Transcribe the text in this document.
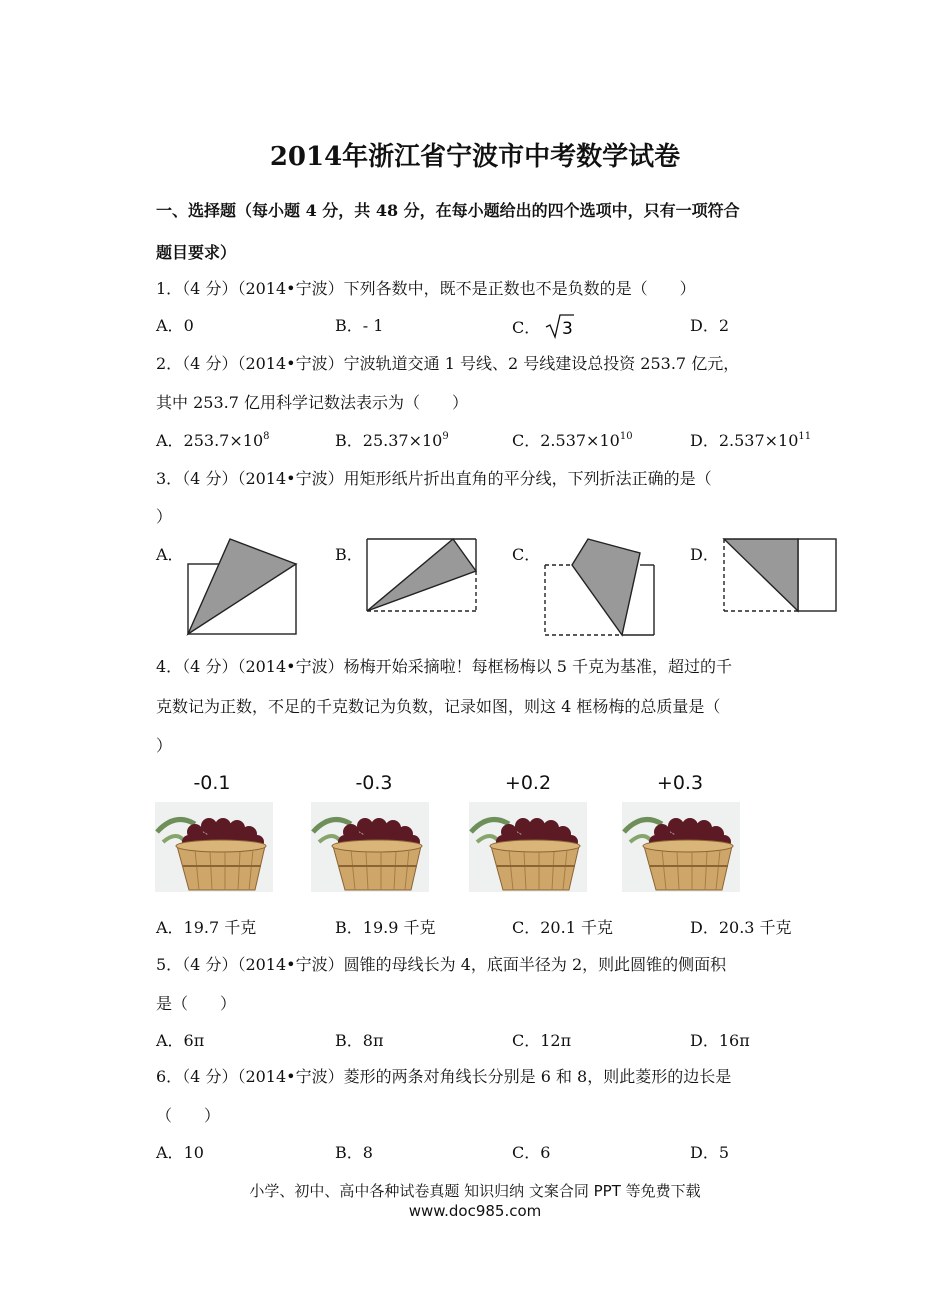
2014年浙江省宁波市中考数学试卷
一、选择题（每小题 4 分，共 48 分，在每小题给出的四个选项中，只有一项符合
题目要求）
1．（4 分）（2014•宁波）下列各数中，既不是正数也不是负数的是（　　）
A．0	B．- 1	C． 3	D．2
2．（4 分）（2014•宁波）宁波轨道交通 1 号线、2 号线建设总投资 253.7 亿元，
其中 253.7 亿用科学记数法表示为（　　）
A．$253.7\times 10^8$	B．$25.37\times 10^9$	C．$2.537\times 10^{10}$	D．$2.537\times 10^{11}$
3．（4 分）（2014•宁波）用矩形纸片折出直角的平分线，下列折法正确的是（
）
A．	B．	C．	D．
4．（4 分）（2014•宁波）杨梅开始采摘啦！每框杨梅以 5 千克为基准，超过的千
克数记为正数，不足的千克数记为负数，记录如图，则这 4 框杨梅的总质量是（
）
-0.1	-0.3	+0.2	+0.3
A．19.7 千克	B．19.9 千克	C．20.1 千克	D．20.3 千克
5．（4 分）（2014•宁波）圆锥的母线长为 4，底面半径为 2，则此圆锥的侧面积
是（　　）
A．6π	B．8π	C．12π	D．16π
6．（4 分）（2014•宁波）菱形的两条对角线长分别是 6 和 8，则此菱形的边长是
（　　）
A．10	B．8	C．6	D．5
小学、初中、高中各种试卷真题 知识归纳 文案合同 PPT 等免费下载
www.doc985.com
